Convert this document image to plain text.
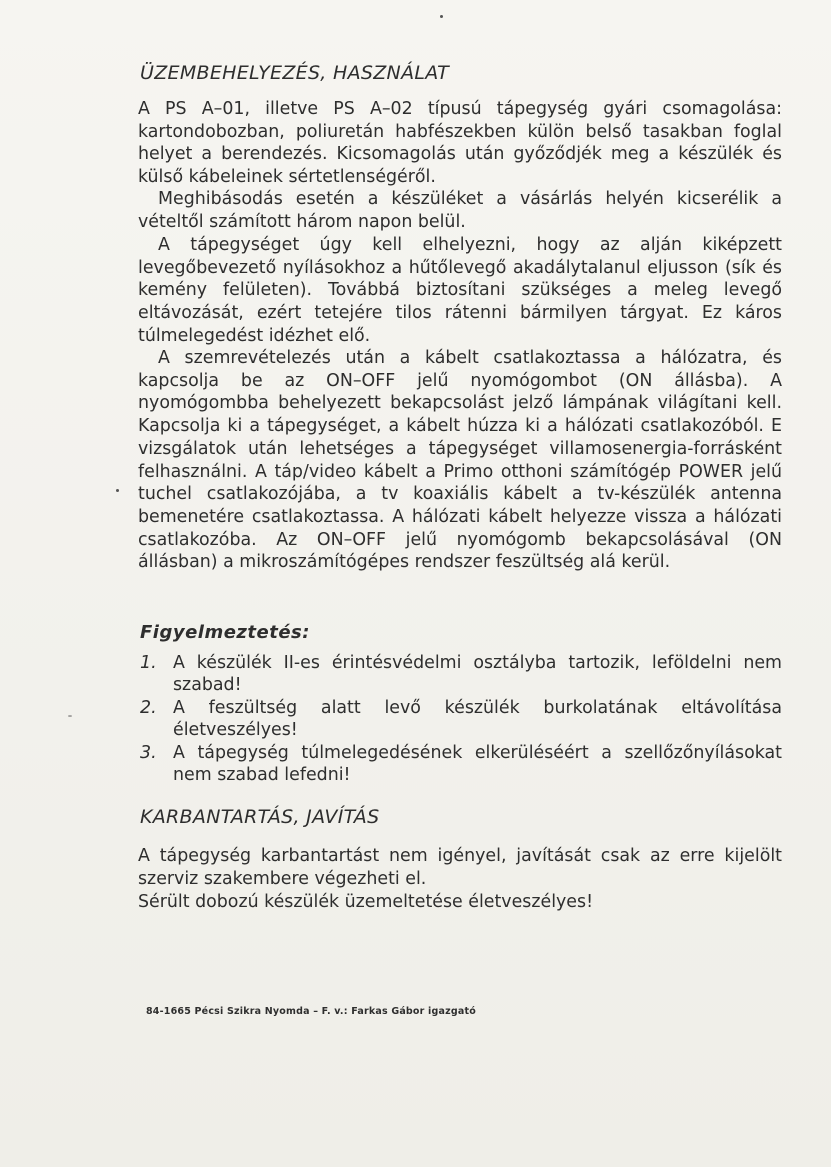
ÜZEMBEHELYEZÉS, HASZNÁLAT

A PS A–01, illetve PS A–02 típusú tápegység gyári csomagolása: kartondobozban, poliuretán habfészekben külön belső tasakban foglal helyet a berendezés. Kicsomagolás után győződjék meg a készülék és külső kábeleinek sértetlenségéről.

Meghibásodás esetén a készüléket a vásárlás helyén kicserélik a vételtől számított három napon belül.

A tápegységet úgy kell elhelyezni, hogy az alján kiképzett levegőbevezető nyílásokhoz a hűtőlevegő akadálytalanul eljusson (sík és kemény felületen). Továbbá biztosítani szükséges a meleg levegő eltávozását, ezért tetejére tilos rátenni bármilyen tárgyat. Ez káros túlmelegedést idézhet elő.

A szemrevételezés után a kábelt csatlakoztassa a hálózatra, és kapcsolja be az ON–OFF jelű nyomógombot (ON állásba). A nyomógombba behelyezett bekapcsolást jelző lámpának világítani kell. Kapcsolja ki a tápegységet, a kábelt húzza ki a hálózati csatlakozóból. E vizsgálatok után lehetséges a tápegységet villamosenergia-forrásként felhasználni. A táp/video kábelt a Primo otthoni számítógép POWER jelű tuchel csatlakozójába, a tv koaxiális kábelt a tv-készülék antenna bemenetére csatlakoztassa. A hálózati kábelt helyezze vissza a hálózati csatlakozóba. Az ON–OFF jelű nyomógomb bekapcsolásával (ON állásban) a mikroszámítógépes rendszer feszültség alá kerül.

Figyelmeztetés:
1. A készülék II-es érintésvédelmi osztályba tartozik, leföldelni nem szabad!
2. A feszültség alatt levő készülék burkolatának eltávolítása életveszélyes!
3. A tápegység túlmelegedésének elkerüléséért a szellőzőnyílásokat nem szabad lefedni!
KARBANTARTÁS, JAVÍTÁS

A tápegység karbantartást nem igényel, javítását csak az erre kijelölt szerviz szakembere végezheti el.

Sérült dobozú készülék üzemeltetése életveszélyes!

84-1665 Pécsi Szikra Nyomda – F. v.: Farkas Gábor igazgató
